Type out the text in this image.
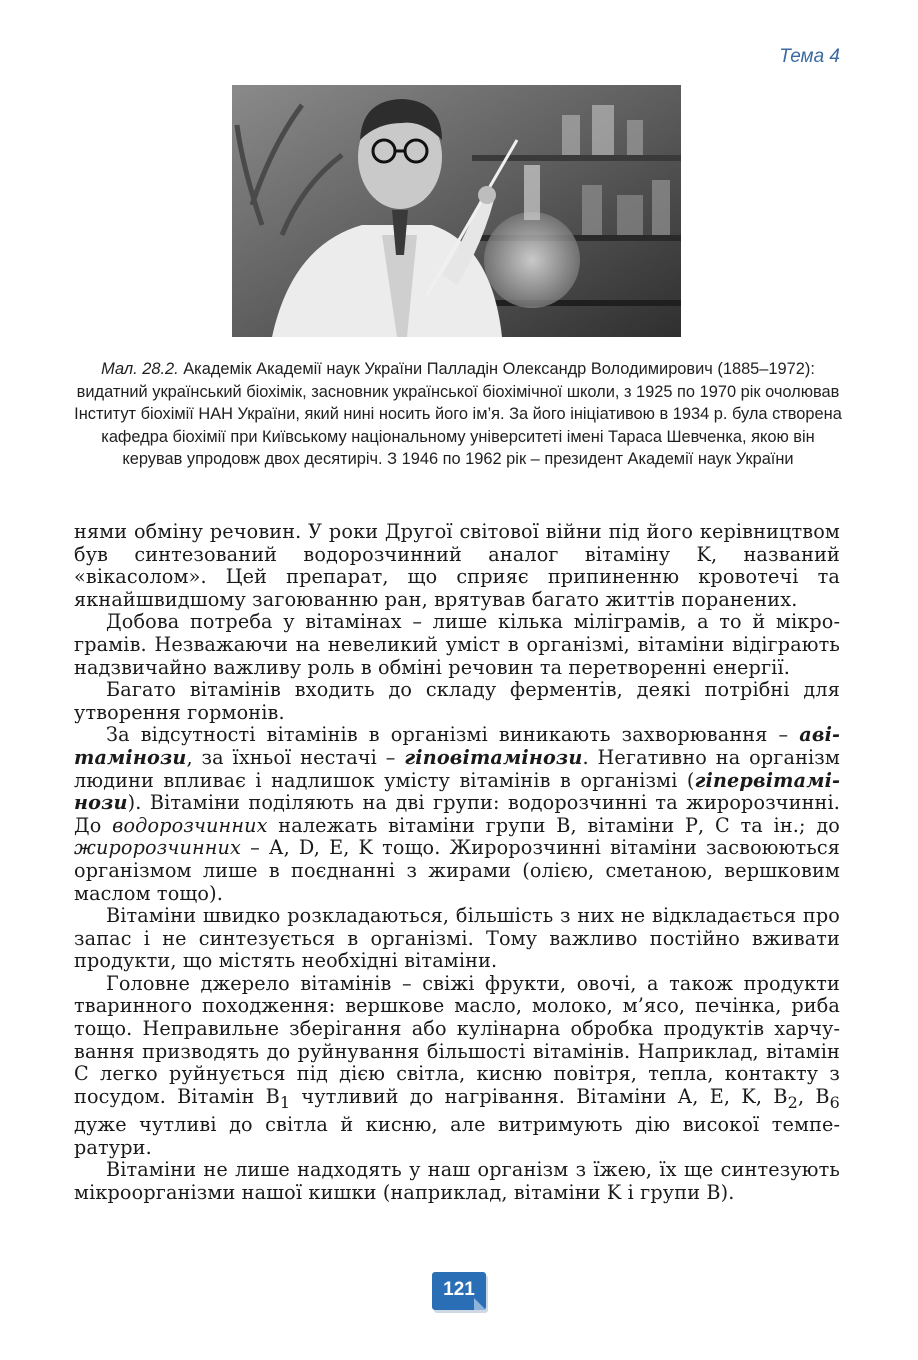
Тема 4
Мал. 28.2. Академік Академії наук України Палладін Олександр Володимирович (1885–1972): видатний український біохімік, засновник української біохімічної школи, з 1925 по 1970 рік очолював Інститут біохімії НАН України, який нині носить його ім’я. За його ініціативою в 1934 р. була створена кафедра біохімії при Київському національному університеті імені Тараса Шевченка, якою він керував упродовж двох десятиріч. З 1946 по 1962 рік – президент Академії наук України

нями обміну речовин. У роки Другої світової війни під його керівництвом був синтезований водорозчинний аналог вітаміну K, названий «вікасолом». Цей препарат, що сприяє припиненню кровотечі та якнайшвидшому загоюванню ран, врятував багато життів поранених.

Добова потреба у вітамінах – лише кілька міліграмів, а то й мікрограмів. Незважаючи на невеликий уміст в організмі, вітаміни відіграють надзвичайно важливу роль в обміні речовин та перетворенні енергії.

Багато вітамінів входить до складу ферментів, деякі потрібні для утворення гормонів.

За відсутності вітамінів в організмі виникають захворювання – авітамінози, за їхньої нестачі – гіповітамінози. Негативно на організм людини впливає і надлишок умісту вітамінів в організмі (гіпервітамінози). Вітаміни поділяють на дві групи: водорозчинні та жиророзчинні. До водорозчинних належать вітаміни групи В, вітаміни Р, С та ін.; до жиророзчинних – А, D, Е, K тощо. Жиророзчинні вітаміни засвоюються організмом лише в поєднанні з жирами (олією, сметаною, вершковим маслом тощо).

Вітаміни швидко розкладаються, більшість з них не відкладається про запас і не синтезується в організмі. Тому важливо постійно вживати продукти, що містять необхідні вітаміни.

Головне джерело вітамінів – свіжі фрукти, овочі, а також продукти тваринного походження: вершкове масло, молоко, м’ясо, печінка, риба тощо. Неправильне зберігання або кулінарна обробка продуктів харчування призводять до руйнування більшості вітамінів. Наприклад, вітамін С легко руйнується під дією світла, кисню повітря, тепла, контакту з посудом. Вітамін $B_1$ чутливий до нагрівання. Вітаміни А, Е, K, $В_2$, $В_6$ дуже чутливі до світла й кисню, але витримують дію високої температури.

Вітаміни не лише надходять у наш організм з їжею, їх ще синтезують мікроорганізми нашої кишки (наприклад, вітаміни K і групи В).

121
